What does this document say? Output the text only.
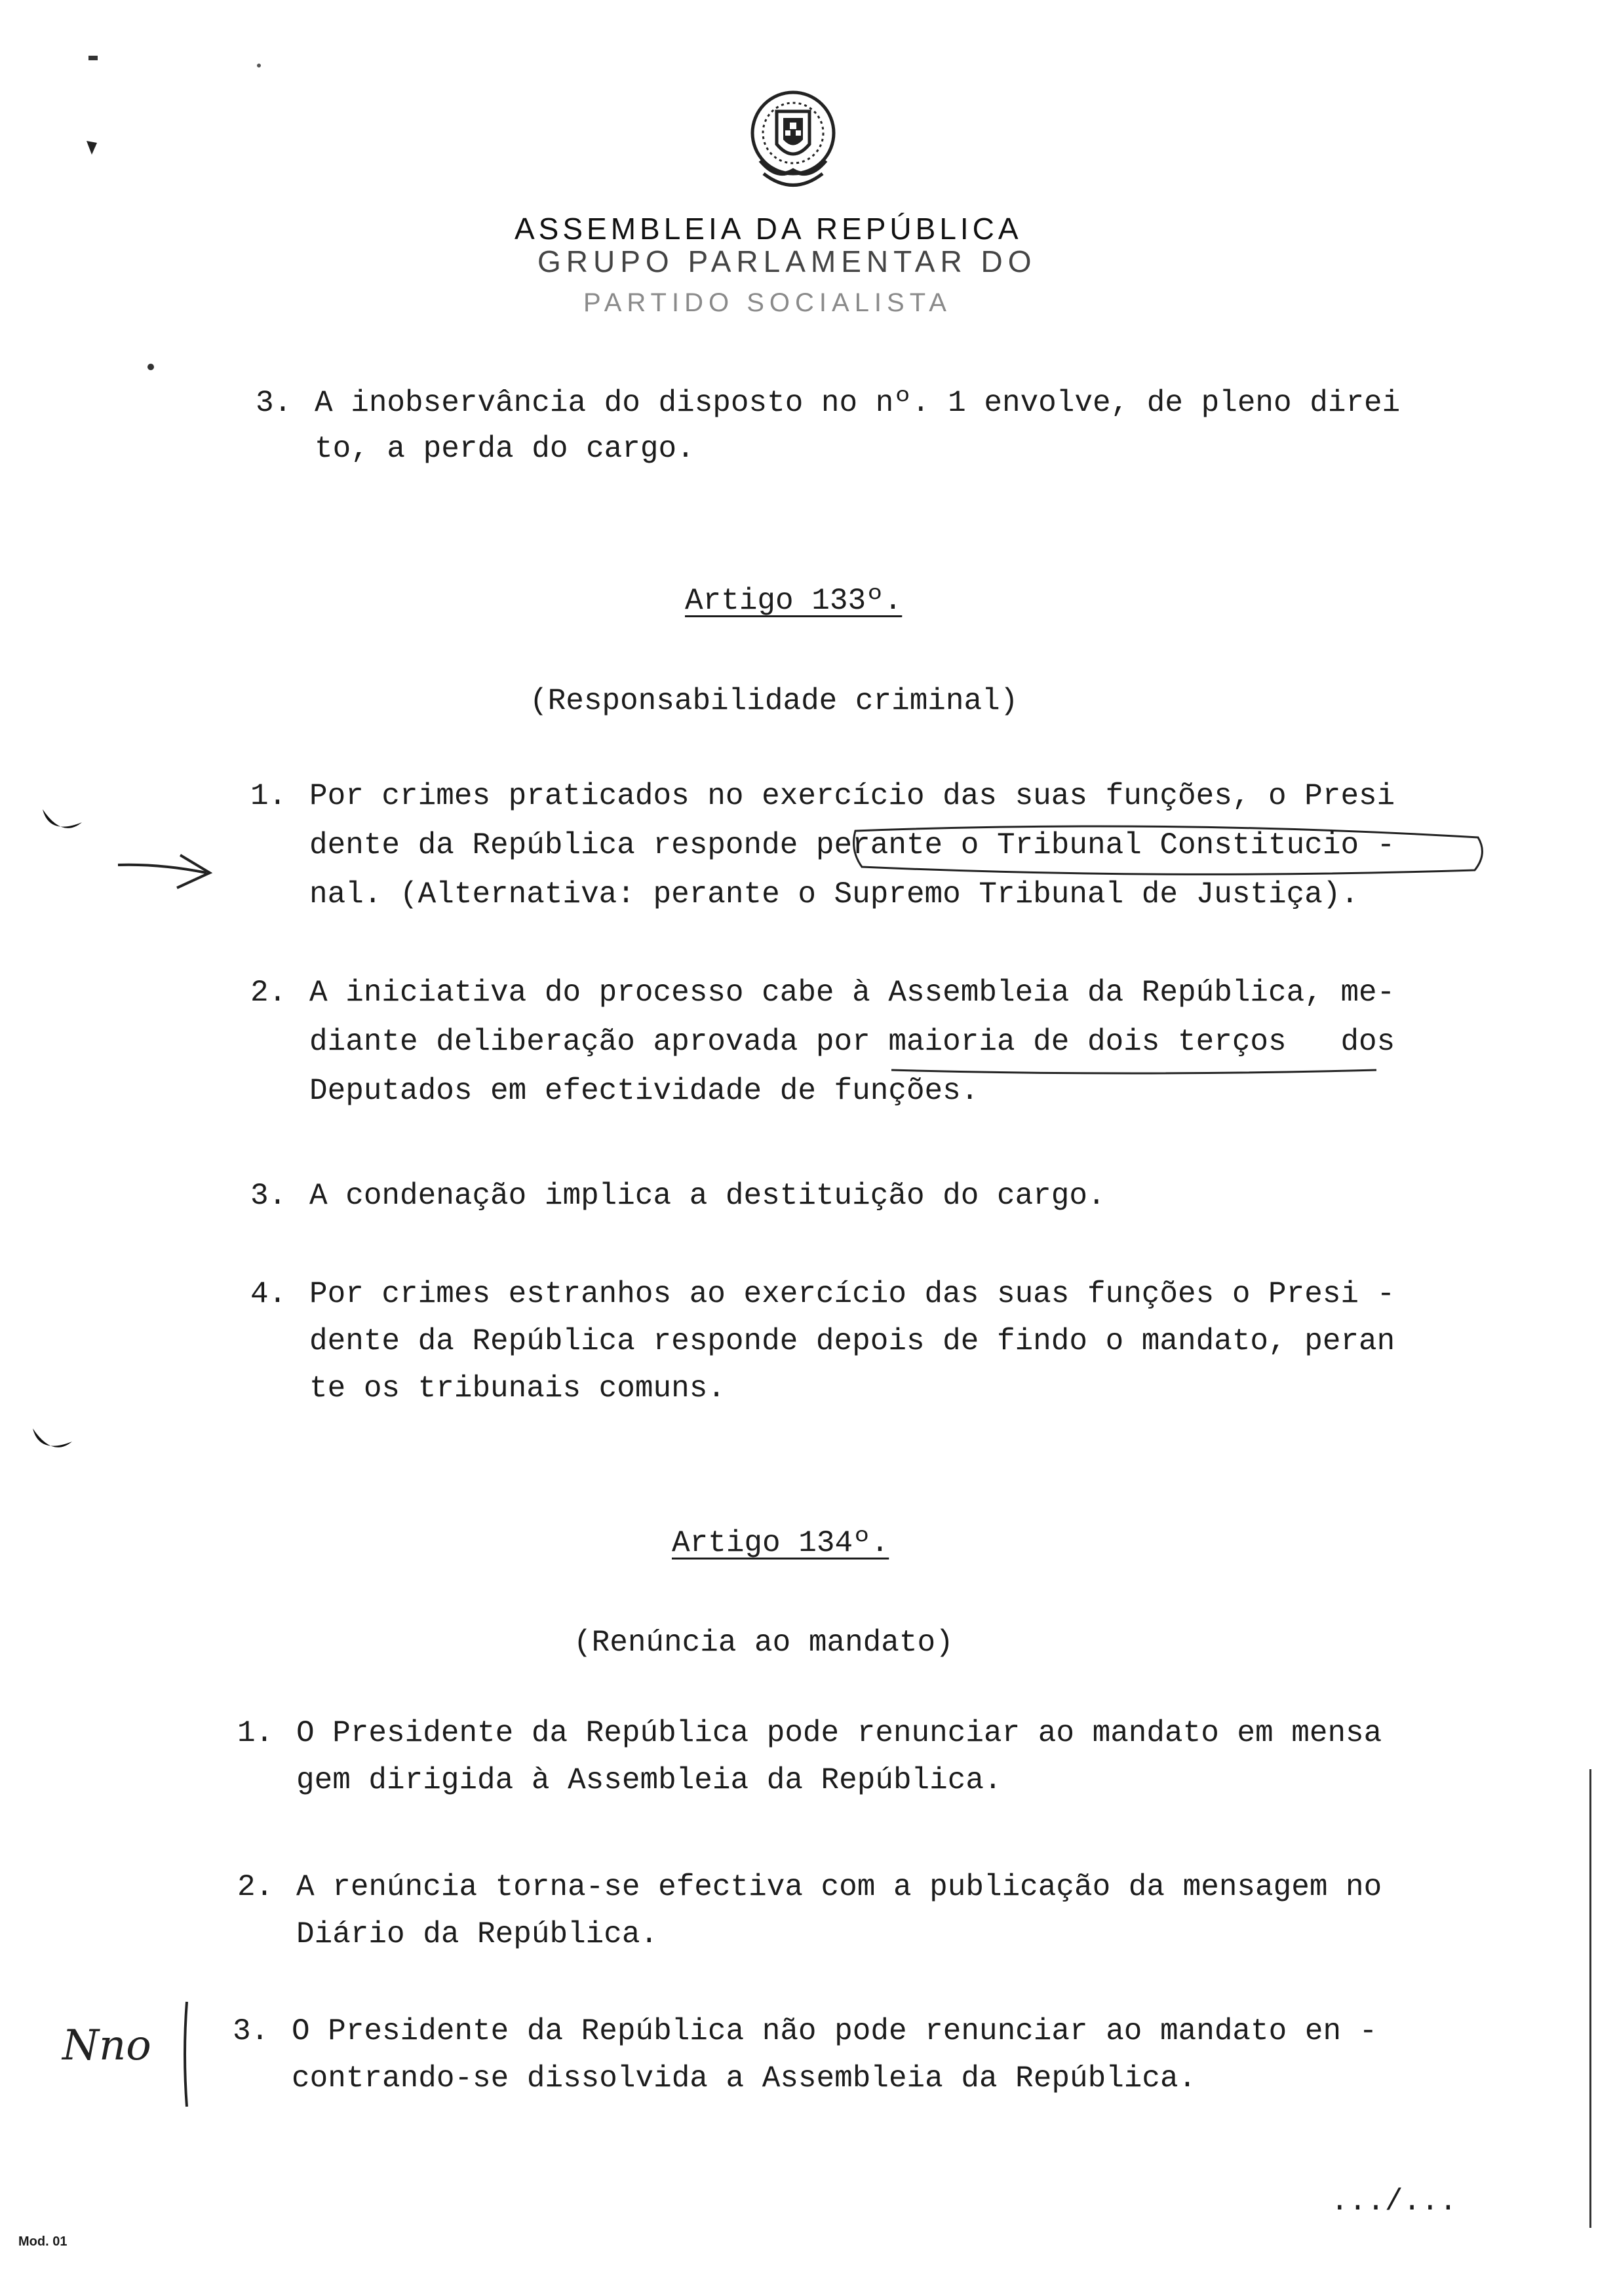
ASSEMBLEIA DA REPÚBLICA
GRUPO PARLAMENTAR DO
PARTIDO SOCIALISTA
3. A inobservância do disposto no nº. 1 envolve, de pleno direi
to, a perda do cargo.
Artigo 133º.
(Responsabilidade criminal)
1. Por crimes praticados no exercício das suas funções, o Presi
dente da República responde perante o Tribunal Constitucio -
nal. (Alternativa: perante o Supremo Tribunal de Justiça).
2. A iniciativa do processo cabe à Assembleia da República, me-
diante deliberação aprovada por maioria de dois terços   dos
Deputados em efectividade de funções.
3. A condenação implica a destituição do cargo.
4. Por crimes estranhos ao exercício das suas funções o Presi -
dente da República responde depois de findo o mandato, peran
te os tribunais comuns.
Artigo 134º.
(Renúncia ao mandato)
1. O Presidente da República pode renunciar ao mandato em mensa
gem dirigida à Assembleia da República.
2. A renúncia torna-se efectiva com a publicação da mensagem no
Diário da República.
3. O Presidente da República não pode renunciar ao mandato en -
contrando-se dissolvida a Assembleia da República.
Nno
.../...
Mod. 01
